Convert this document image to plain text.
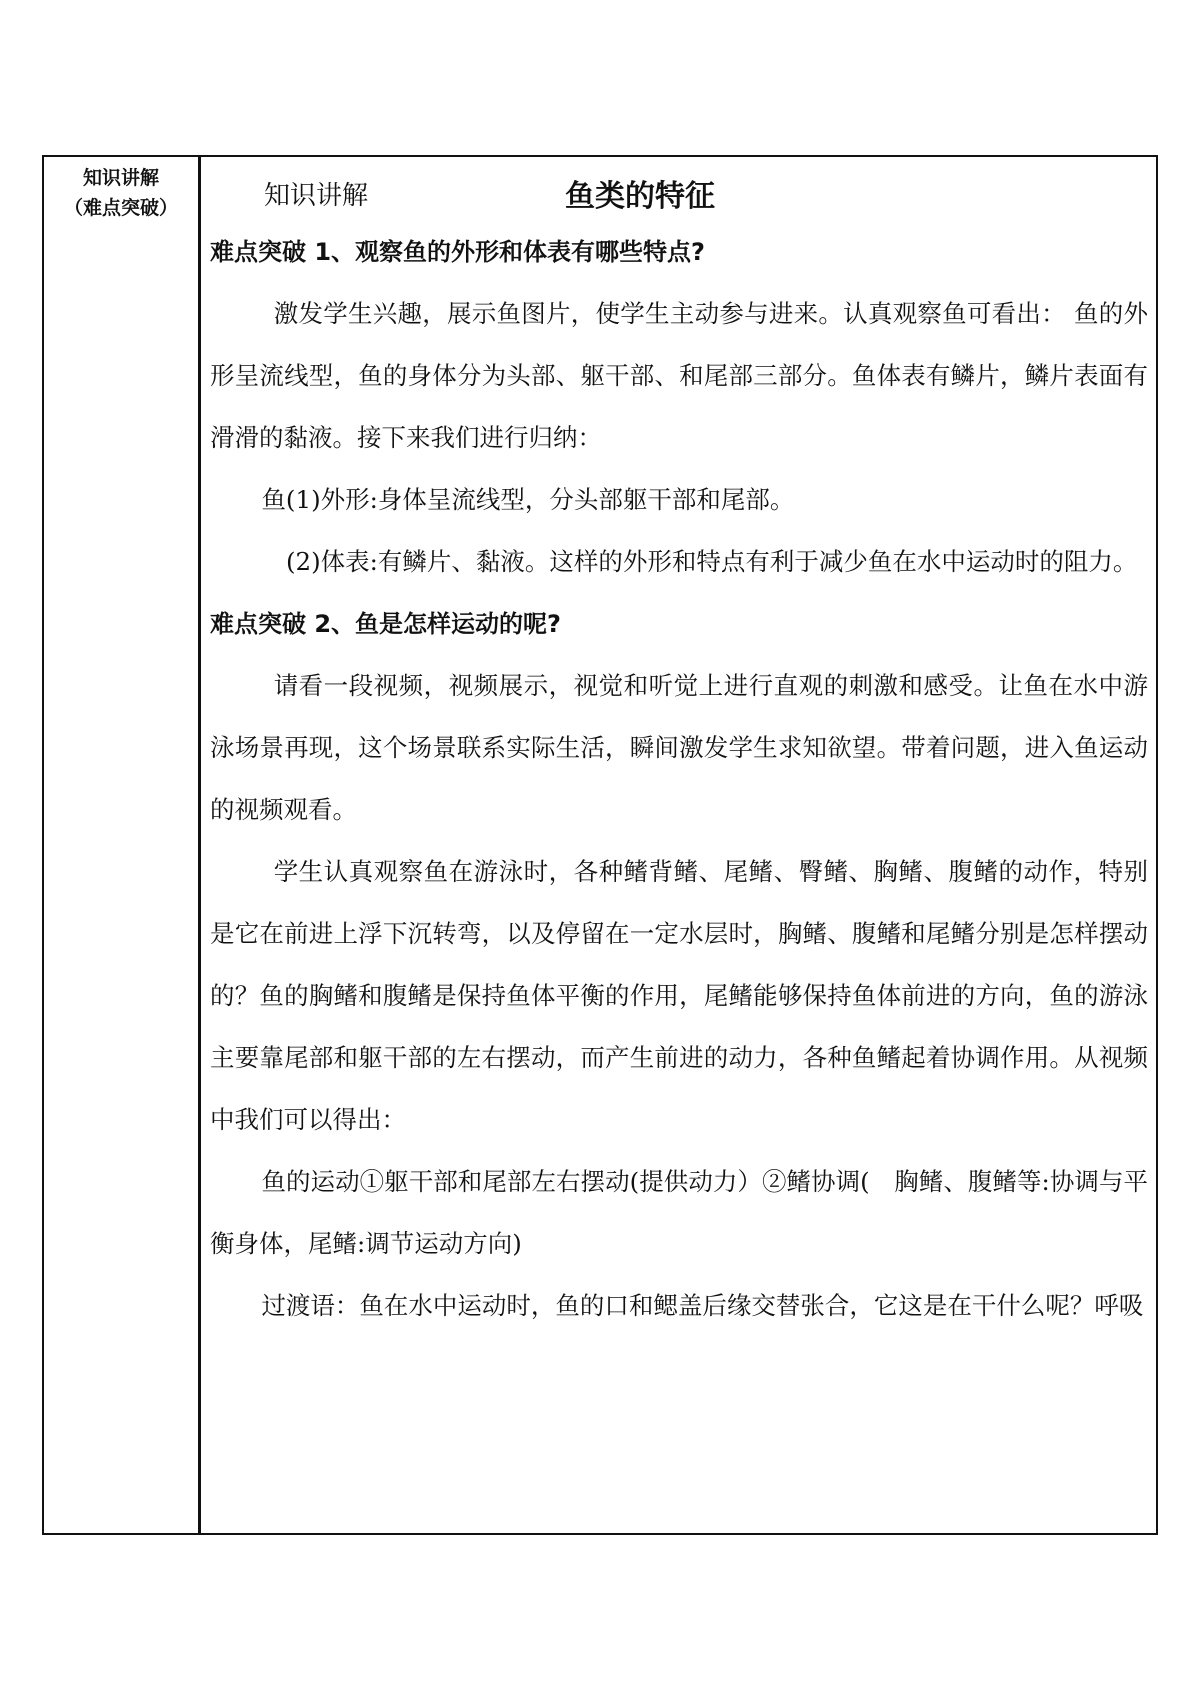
知识讲解
（难点突破）	知识讲解	鱼类的特征

难点突破 1、观察鱼的外形和体表有哪些特点?

激发学生兴趣，展示鱼图片，使学生主动参与进来。认真观察鱼可看出： 鱼的外形呈流线型，鱼的身体分为头部、躯干部、和尾部三部分。鱼体表有鳞片，鳞片表面有滑滑的黏液。接下来我们进行归纳：

鱼(1)外形:身体呈流线型，分头部躯干部和尾部。

(2)体表:有鳞片、黏液。这样的外形和特点有利于减少鱼在水中运动时的阻力。

难点突破 2、鱼是怎样运动的呢?

请看一段视频，视频展示，视觉和听觉上进行直观的刺激和感受。让鱼在水中游泳场景再现，这个场景联系实际生活，瞬间激发学生求知欲望。带着问题，进入鱼运动的视频观看。

学生认真观察鱼在游泳时，各种鳍背鳍、尾鳍、臀鳍、胸鳍、腹鳍的动作，特别是它在前进上浮下沉转弯，以及停留在一定水层时，胸鳍、腹鳍和尾鳍分别是怎样摆动的？鱼的胸鳍和腹鳍是保持鱼体平衡的作用，尾鳍能够保持鱼体前进的方向，鱼的游泳主要靠尾部和躯干部的左右摆动，而产生前进的动力，各种鱼鳍起着协调作用。从视频中我们可以得出：

鱼的运动①躯干部和尾部左右摆动(提供动力）②鳍协调(　胸鳍、腹鳍等:协调与平衡身体，尾鳍:调节运动方向)

过渡语：鱼在水中运动时，鱼的口和鳃盖后缘交替张合，它这是在干什么呢？呼吸
